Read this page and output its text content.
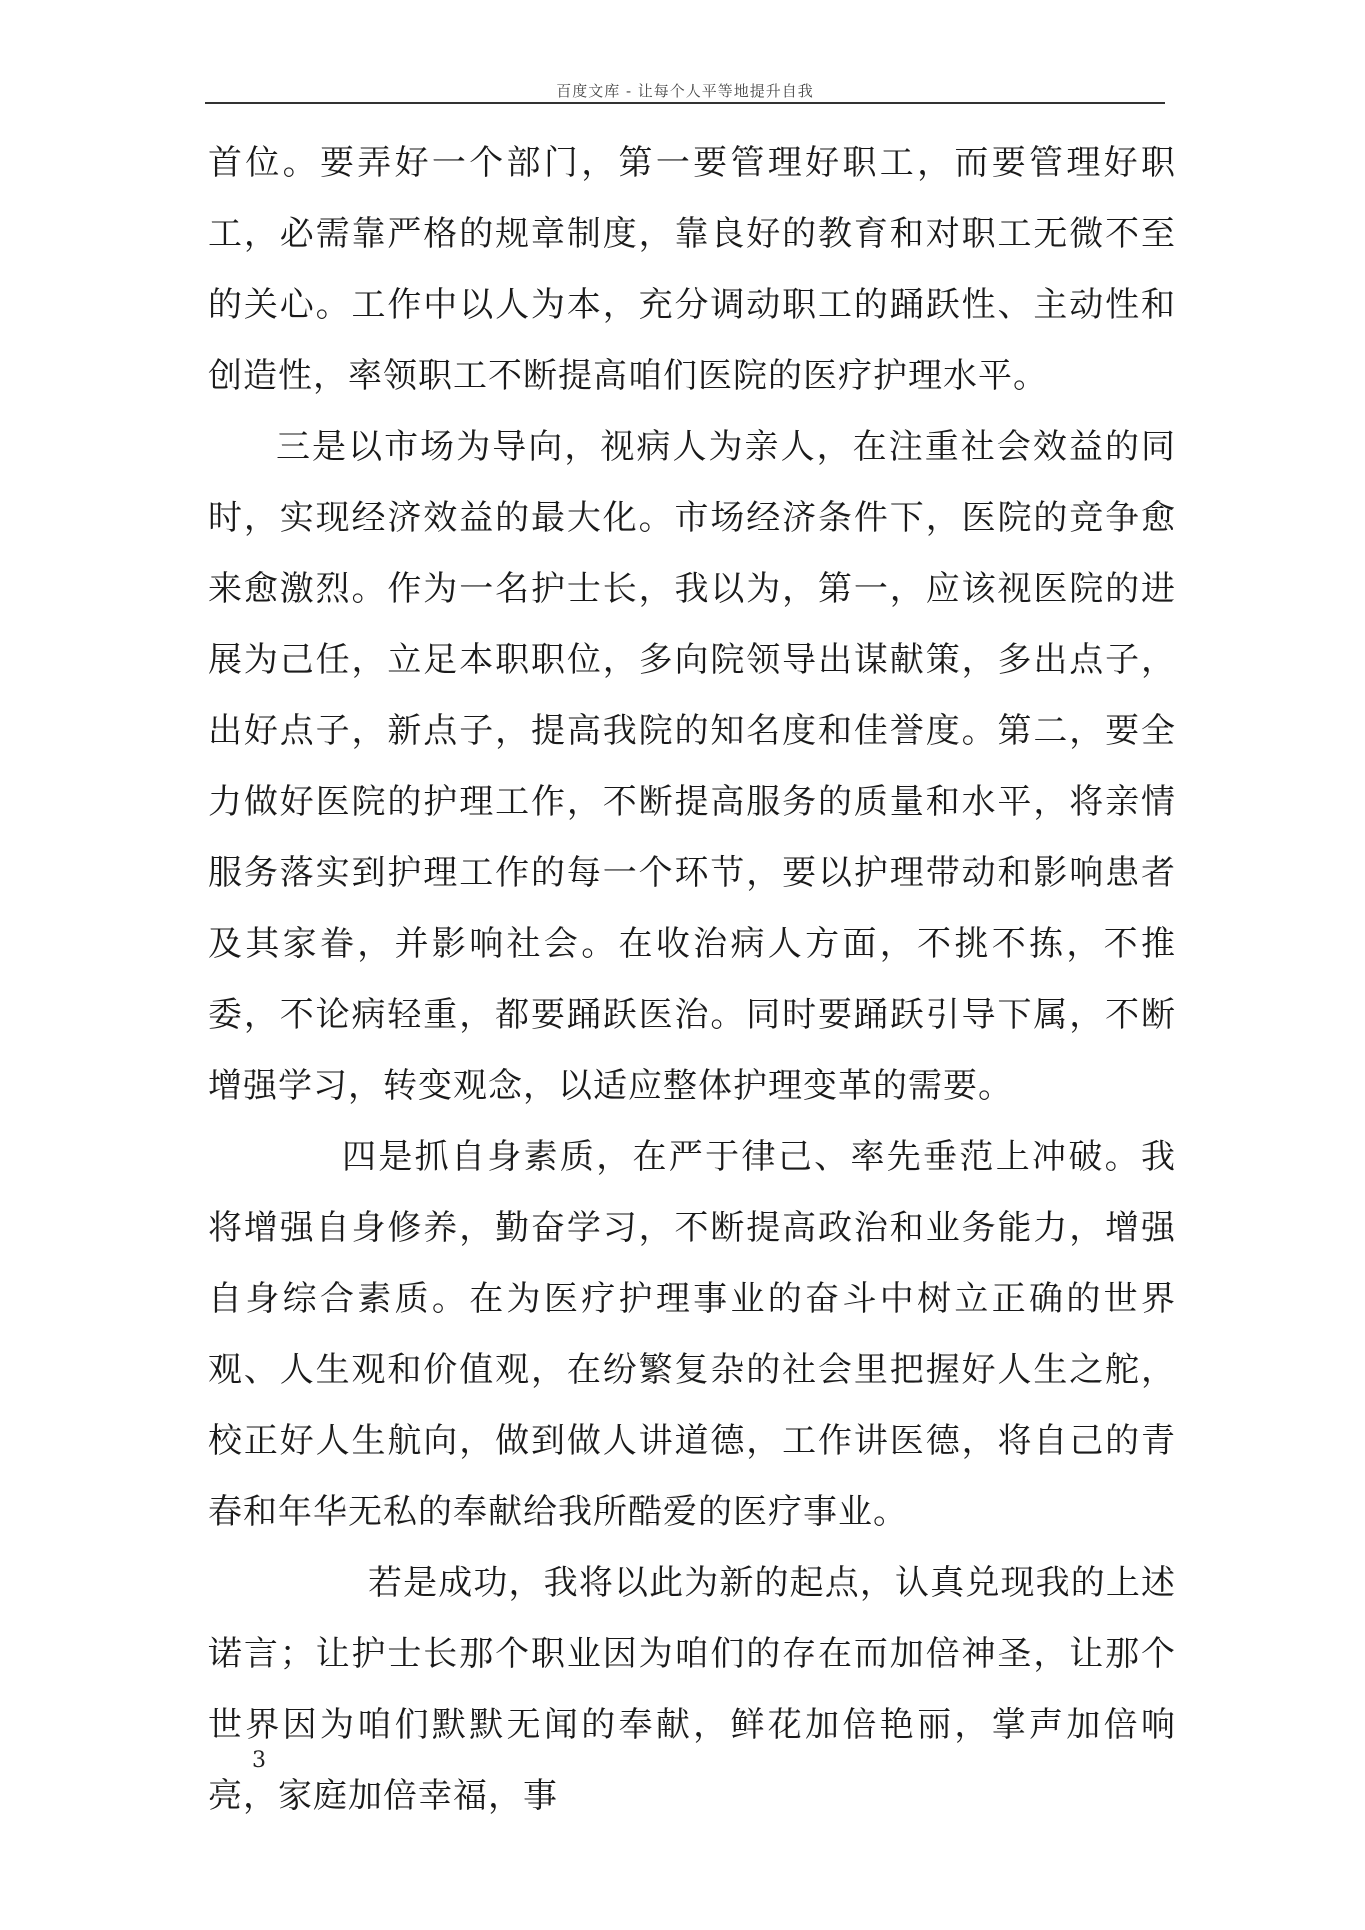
百度文库 - 让每个人平等地提升自我

首位。要弄好一个部门，第一要管理好职工，而要管理好职工，必需靠严格的规章制度，靠良好的教育和对职工无微不至的关心。工作中以人为本，充分调动职工的踊跃性、主动性和创造性，率领职工不断提高咱们医院的医疗护理水平。

三是以市场为导向，视病人为亲人，在注重社会效益的同时，实现经济效益的最大化。市场经济条件下，医院的竞争愈来愈激烈。作为一名护士长，我以为，第一，应该视医院的进展为己任，立足本职职位，多向院领导出谋献策，多出点子，出好点子，新点子，提高我院的知名度和佳誉度。第二，要全力做好医院的护理工作，不断提高服务的质量和水平，将亲情服务落实到护理工作的每一个环节，要以护理带动和影响患者及其家眷，并影响社会。在收治病人方面，不挑不拣，不推委，不论病轻重，都要踊跃医治。同时要踊跃引导下属，不断增强学习，转变观念，以适应整体护理变革的需要。

四是抓自身素质，在严于律己、率先垂范上冲破。我将增强自身修养，勤奋学习，不断提高政治和业务能力，增强自身综合素质。在为医疗护理事业的奋斗中树立正确的世界观、人生观和价值观，在纷繁复杂的社会里把握好人生之舵，校正好人生航向，做到做人讲道德，工作讲医德，将自己的青春和年华无私的奉献给我所酷爱的医疗事业。

若是成功，我将以此为新的起点，认真兑现我的上述诺言；让护士长那个职业因为咱们的存在而加倍神圣，让那个世界因为咱们默默无闻的奉献，鲜花加倍艳丽，掌声加倍响亮，家庭加倍幸福，事

3
